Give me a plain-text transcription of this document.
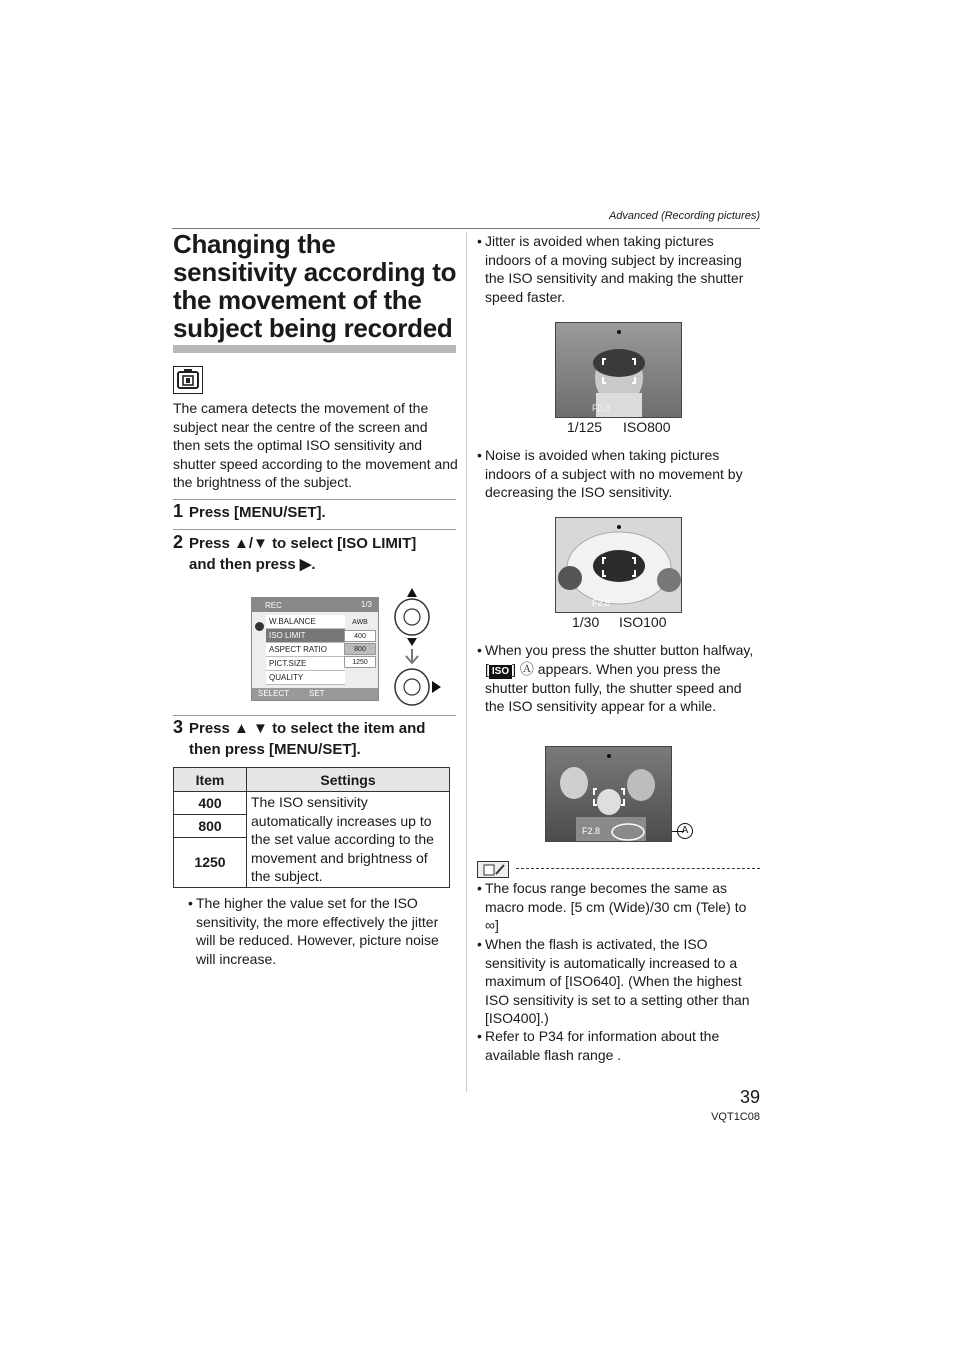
Advanced (Recording pictures)
Changing the sensitivity according to the movement of the subject being recorded
The camera detects the movement of the subject near the centre of the screen and then sets the optimal ISO sensitivity and shutter speed according to the movement and the brightness of the subject.
1 Press [MENU/SET].
2 Press ▲/▼ to select [ISO LIMIT]
and then press ▶.
REC	1/3
W.BALANCE
ISO LIMIT
ASPECT RATIO
PICT.SIZE
QUALITY
AWB
400
800
1250
SELECT SET
3 Press ▲ ▼ to select the item and
then press [MENU/SET].
Item	Settings
400	The ISO sensitivity automatically increases up to the set value according to the movement and brightness of the subject.
800	
1250	
• The higher the value set for the ISO sensitivity, the more effectively the jitter will be reduced. However, picture noise will increase.
• Jitter is avoided when taking pictures indoors of a moving subject by increasing the ISO sensitivity and making the shutter speed faster.
F2.8
1/125 ISO800
• Noise is avoided when taking pictures indoors of a subject with no movement by decreasing the ISO sensitivity.
F2.8
1/30 ISO100
• When you press the shutter button halfway, [ ISO ] Ⓐ appears. When you press the shutter button fully, the shutter speed and the ISO sensitivity appear for a while.
F2.8	A
• The focus range becomes the same as macro mode. [5 cm (Wide)/30 cm (Tele) to ∞]
• When the flash is activated, the ISO sensitivity is automatically increased to a maximum of [ISO640]. (When the highest ISO sensitivity is set to a setting other than [ISO400].)
• Refer to P34 for information about the available flash range .
39
VQT1C08
